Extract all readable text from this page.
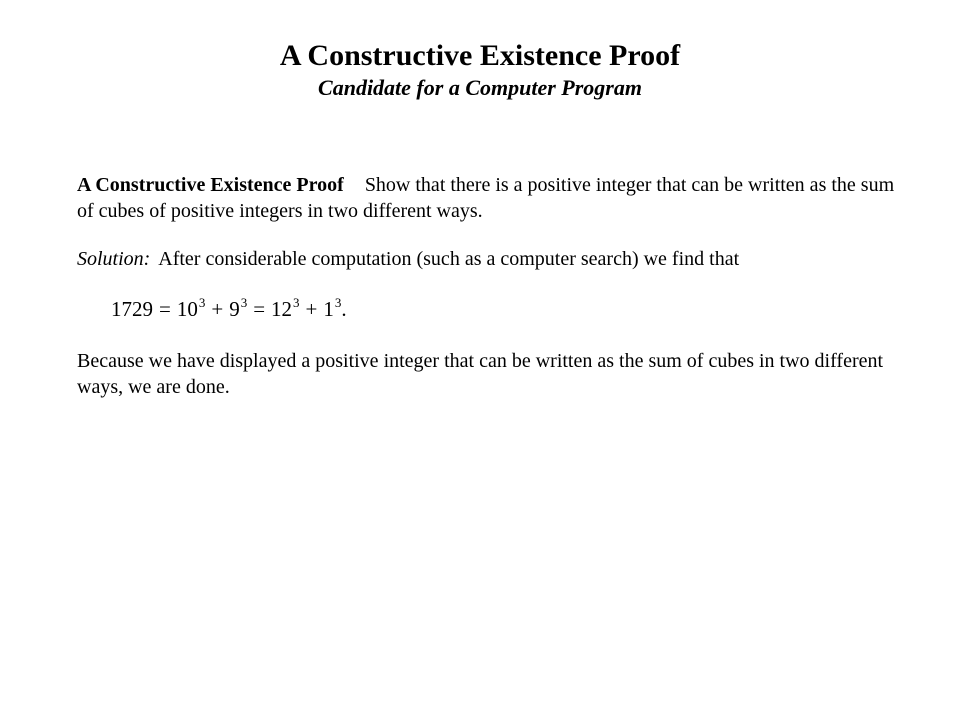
A Constructive Existence Proof
Candidate for a Computer Program

A Constructive Existence Proof Show that there is a positive integer that can be written as the sum of cubes of positive integers in two different ways.

Solution: After considerable computation (such as a computer search) we find that

$1729 = 10^3 + 9^3 = 12^3 + 1^3$.

Because we have displayed a positive integer that can be written as the sum of cubes in two different ways, we are done.
